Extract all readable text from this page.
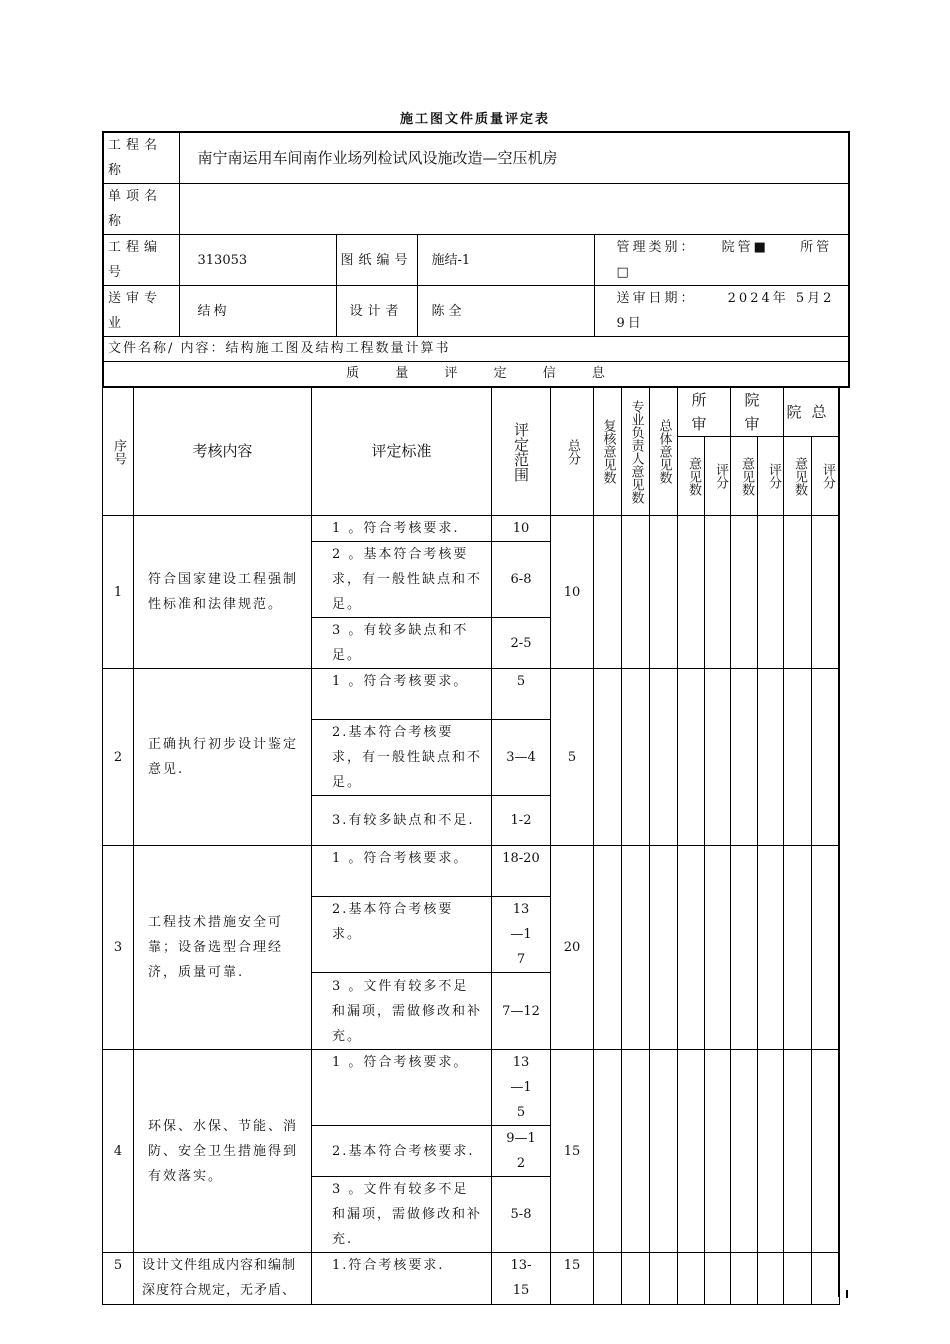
施工图文件质量评定表
工程名称	南宁南运用车间南作业场列检试风设施改造—空压机房			
单项名称				
工程编号	313053	图纸编号	施结-1	管理类别： 院管■ 所管□
送审专业	结构	设计者	陈全	送审日期： 2024年 5月29日
文件名称/ 内容：结构施工图及结构工程数量计算书				
质 量 评 定 信 息				
序号	考核内容	评定标准	评定范围	总分	复核意见数	专业负责人意见数	总体意见数	所审		院审		院总	

								意见数	评分	意见数	评分	意见数	评分

1	符合国家建设工程强制性标准和法律规范。	1 。符合考核要求.	10	10									
		2 。基本符合考核要求，有一般性缺点和不足。	6-8										
		3 。有较多缺点和不足。	2-5										
2	正确执行初步设计鉴定意见.	1 。符合考核要求。	5	5									
		2.基本符合考核要求，有一般性缺点和不足。	3—4										
		3.有较多缺点和不足.	1-2										
3	工程技术措施安全可靠；设备选型合理经济，质量可靠.	1 。符合考核要求。	18-20	20									
		2.基本符合考核要求。	13—17										
		3 。文件有较多不足和漏项，需做修改和补充。	7—12										
4	环保、水保、节能、消防、安全卫生措施得到有效落实。	1 。符合考核要求。	13—15	15									
		2.基本符合考核要求.	9—12										
		3 。文件有较多不足和漏项，需做修改和补充.	5-8										
5	设计文件组成内容和编制深度符合规定，无矛盾、	1.符合考核要求.	13-15	15									
